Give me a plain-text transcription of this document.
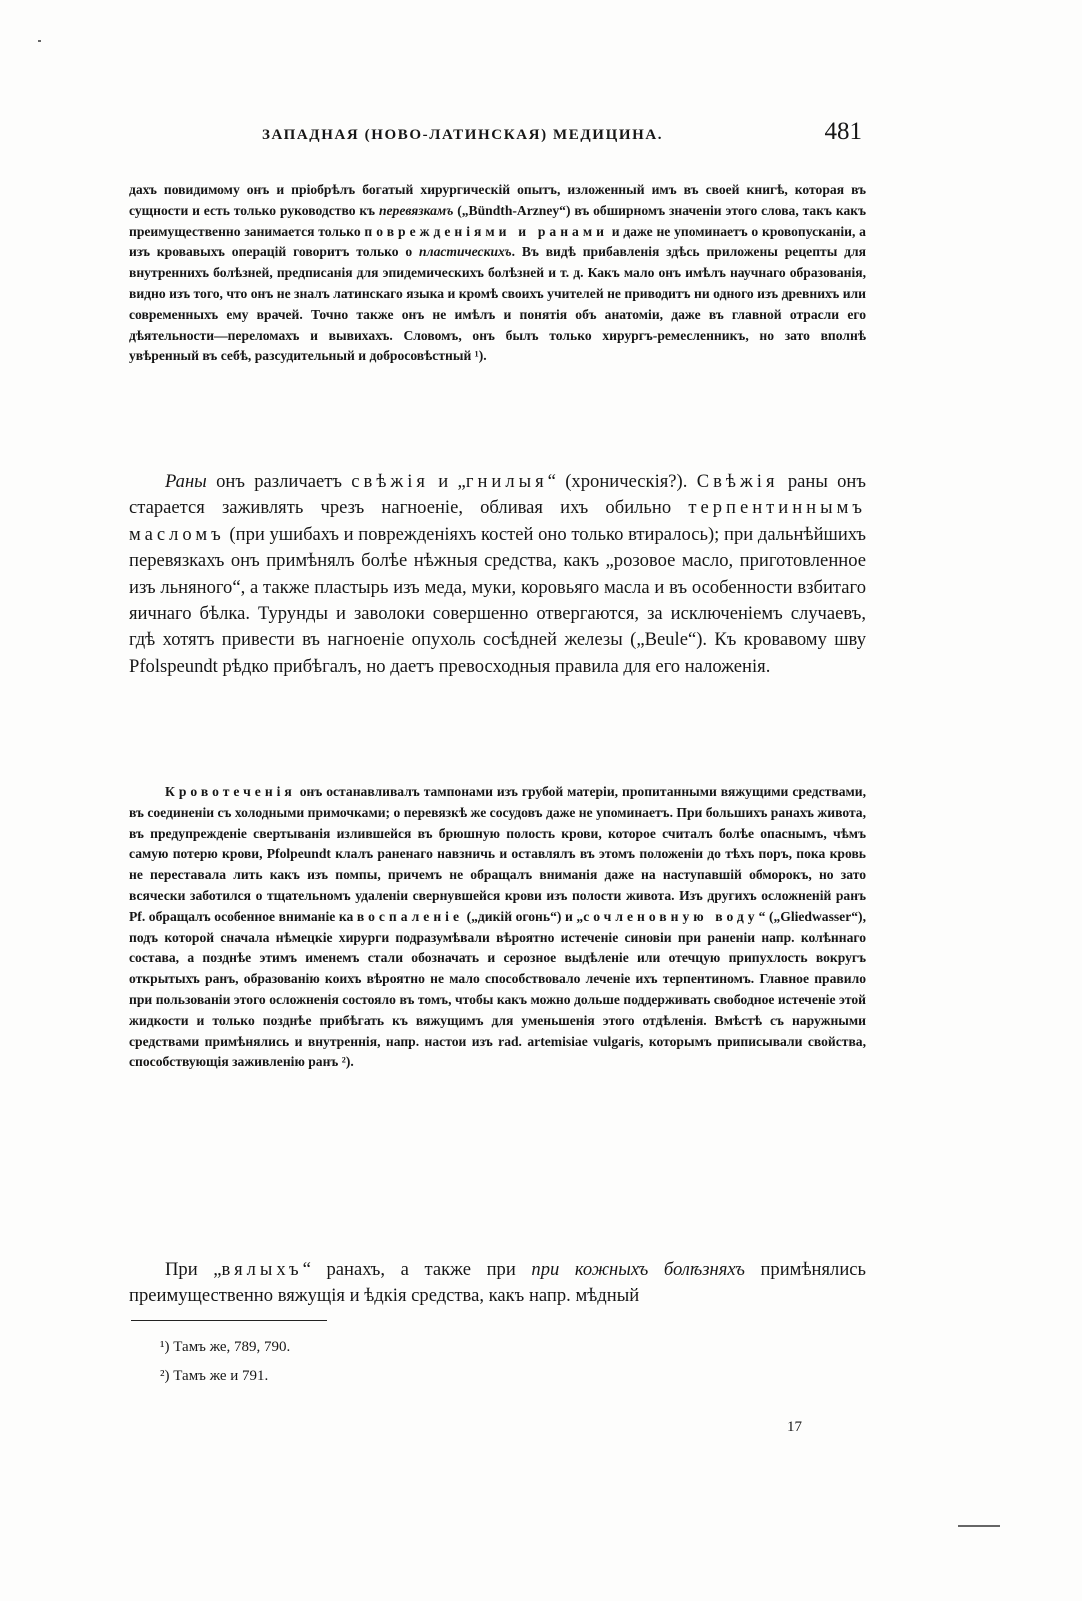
ЗАПАДНАЯ (НОВО-ЛАТИНСКАЯ) МЕДИЦИНА.	481

дахъ повидимому онъ и пріобрѣлъ богатый хирургическій опытъ, изложенный имъ въ своей книгѣ, которая въ сущности и есть только руководство къ перевязкамъ („Bündth-Arzney“) въ обширномъ значеніи этого слова, такъ какъ преимущественно занимается только поврежденіями и ранами и даже не упоминаетъ о кровопусканіи, а изъ кровавыхъ операцій говоритъ только о пластическихъ. Въ видѣ прибавленія здѣсь приложены рецепты для внутреннихъ болѣзней, предписанія для эпидемическихъ болѣзней и т. д. Какъ мало онъ имѣлъ научнаго образованія, видно изъ того, что онъ не зналъ латинскаго языка и кромѣ своихъ учителей не приводитъ ни одного изъ древнихъ или современныхъ ему врачей. Точно также онъ не имѣлъ и понятія объ анатоміи, даже въ главной отрасли его дѣятельности—переломахъ и вывихахъ. Словомъ, онъ былъ только хирургъ-ремесленникъ, но зато вполнѣ увѣренный въ себѣ, разсудительный и добросовѣстный ¹).

Раны онъ различаетъ свѣжія и „гнилыя“ (хроническія?). Свѣжія раны онъ старается заживлять чрезъ нагноеніе, обливая ихъ обильно терпентиннымъ масломъ (при ушибахъ и поврежденіяхъ костей оно только втиралось); при дальнѣйшихъ перевязкахъ онъ примѣнялъ болѣе нѣжныя средства, какъ „розовое масло, приготовленное изъ льняного“, а также пластырь изъ меда, муки, коровьяго масла и въ особенности взбитаго яичнаго бѣлка. Турунды и заволоки совершенно отвергаются, за исключеніемъ случаевъ, гдѣ хотятъ привести въ нагноеніе опухоль сосѣдней железы („Beule“). Къ кровавому шву Pfolspeundt рѣдко прибѣгалъ, но даетъ превосходныя правила для его наложенія.

Кровотеченія онъ останавливалъ тампонами изъ грубой матеріи, пропитанными вяжущими средствами, въ соединеніи съ холодными примочками; о перевязкѣ же сосудовъ даже не упоминаетъ. При большихъ ранахъ живота, въ предупрежденіе свертыванія излившейся въ брюшную полость крови, которое считалъ болѣе опаснымъ, чѣмъ самую потерю крови, Pfolpeundt клалъ раненаго навзничь и оставлялъ въ этомъ положеніи до тѣхъ поръ, пока кровь не переставала лить какъ изъ помпы, причемъ не обращалъ вниманія даже на наступавшій обморокъ, но зато всячески заботился о тщательномъ удаленіи свернувшейся крови изъ полости живота. Изъ другихъ осложненій ранъ Pf. обращалъ особенное вниманіе ка воспаленіе („дикій огонь“) и „сочленовную воду“ („Gliedwasser“), подъ которой сначала нѣмецкіе хирурги подразумѣвали вѣроятно истеченіе синовіи при раненіи напр. колѣннаго состава, а позднѣе этимъ именемъ стали обозначать и серозное выдѣленіе или отечцую припухлость вокругъ открытыхъ ранъ, образованію коихъ вѣроятно не мало способствовало леченіе ихъ терпентиномъ. Главное правило при пользованіи этого осложненія состояло въ томъ, чтобы какъ можно дольше поддерживать свободное истеченіе этой жидкости и только позднѣе прибѣгать къ вяжущимъ для уменьшенія этого отдѣленія. Вмѣстѣ съ наружными средствами примѣнялись и внутреннія, напр. настои изъ rad. artemisiae vulgaris, которымъ приписывали свойства, способствующія заживленію ранъ ²).

При „вялыхъ“ ранахъ, а также при при кожныхъ болѣзняхъ примѣнялись преимущественно вяжущія и ѣдкія средства, какъ напр. мѣдный

¹) Тамъ же, 789, 790.
²) Тамъ же и 791.
17
